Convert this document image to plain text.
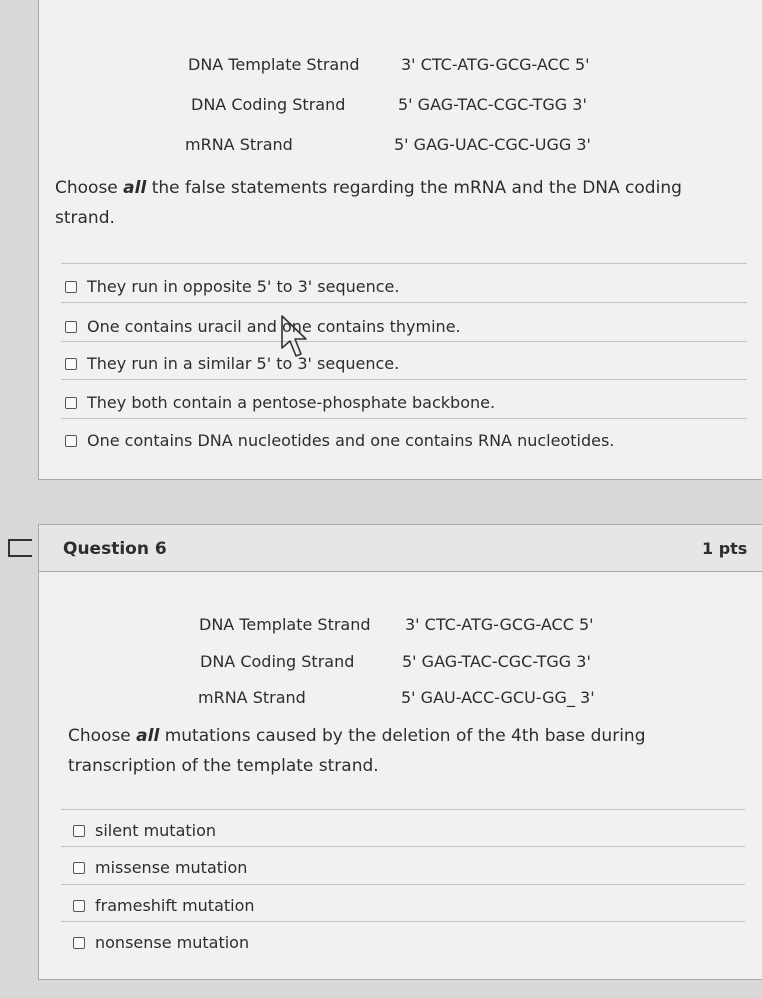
DNA Template Strand	3' CTC-ATG-GCG-ACC 5'
DNA Coding Strand	5' GAG-TAC-CGC-TGG 3'
mRNA Strand	5' GAG-UAC-CGC-UGG 3'
Choose all the false statements regarding the mRNA and the DNA coding strand.
They run in opposite 5' to 3' sequence.
One contains uracil and one contains thymine.
They run in a similar 5' to 3' sequence.
They both contain a pentose-phosphate backbone.
One contains DNA nucleotides and one contains RNA nucleotides.
Question 6	1 pts
DNA Template Strand 3' CTC-ATG-GCG-ACC 5'
DNA Coding Strand	5' GAG-TAC-CGC-TGG 3'
mRNA Strand	5' GAU-ACC-GCU-GG_ 3'
Choose all mutations caused by the deletion of the 4th base during transcription of the template strand.
silent mutation
missense mutation
frameshift mutation
nonsense mutation
